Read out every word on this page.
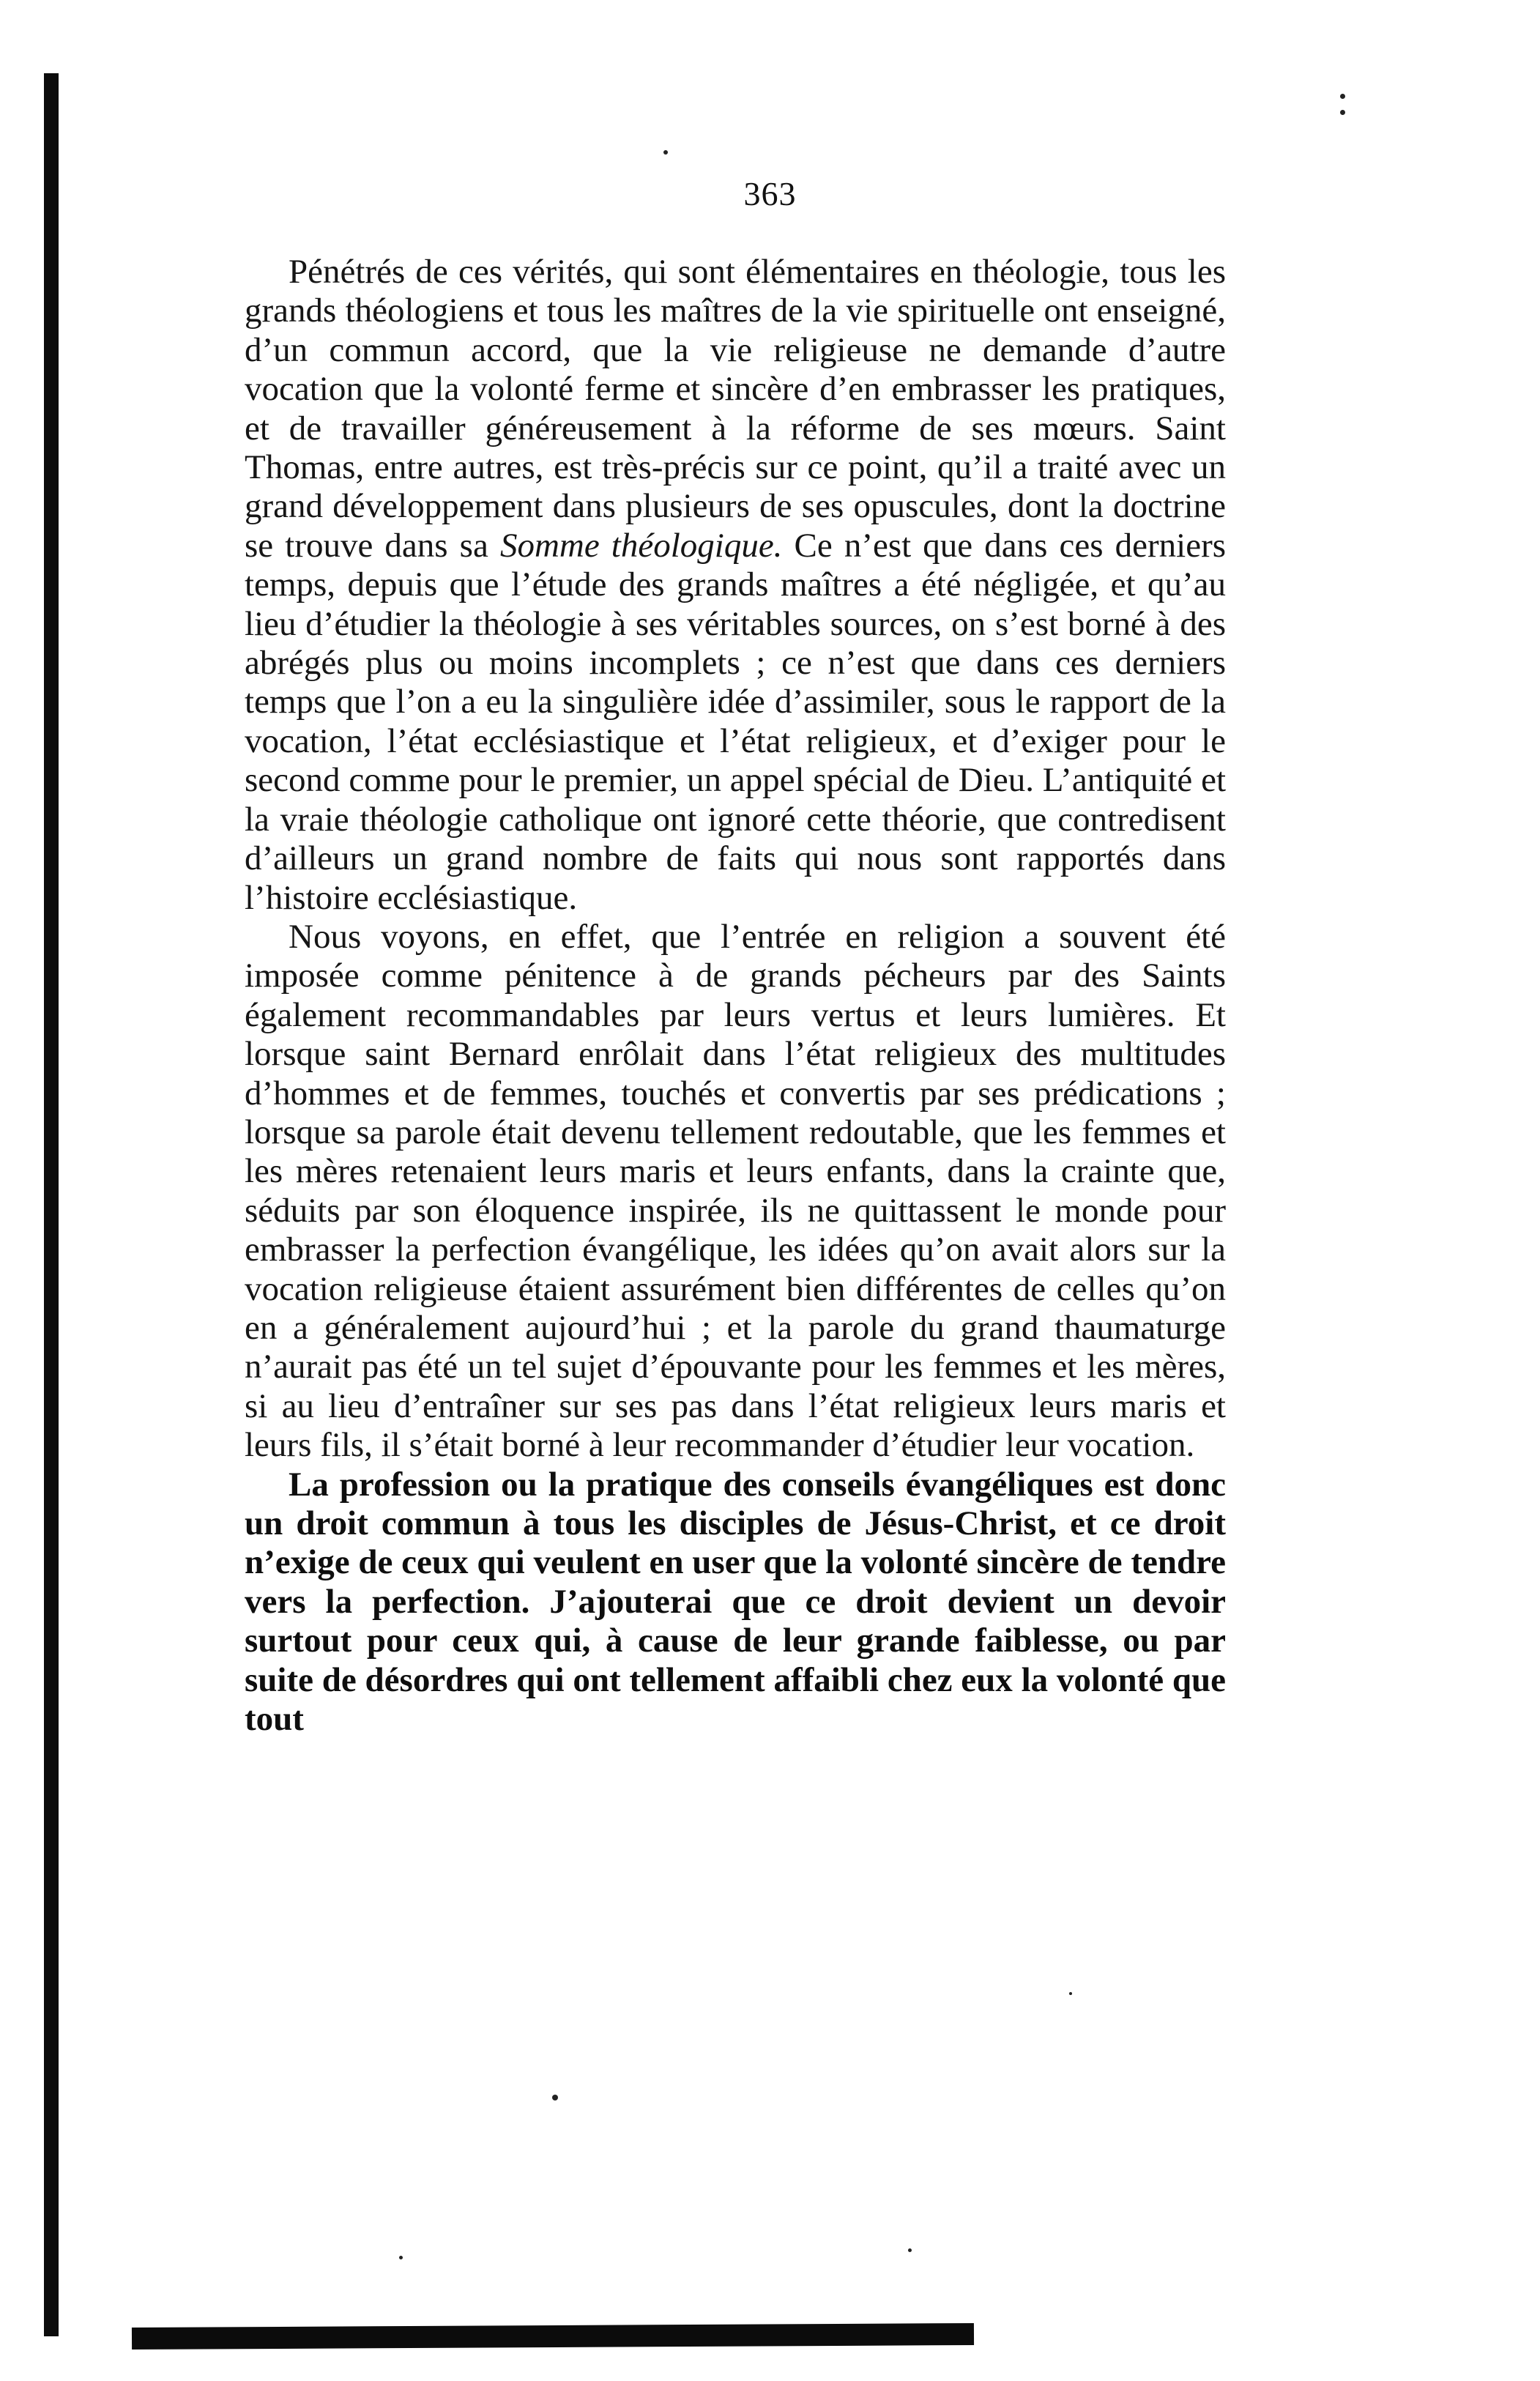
363

Pénétrés de ces vérités, qui sont élémentaires en théologie, tous les grands théologiens et tous les maîtres de la vie spirituelle ont enseigné, d’un commun accord, que la vie religieuse ne demande d’autre vocation que la volonté ferme et sincère d’en embrasser les pratiques, et de travailler généreusement à la réforme de ses mœurs. Saint Thomas, entre autres, est très-précis sur ce point, qu’il a traité avec un grand développement dans plusieurs de ses opuscules, dont la doctrine se trouve dans sa Somme théologique. Ce n’est que dans ces derniers temps, depuis que l’étude des grands maîtres a été négligée, et qu’au lieu d’étudier la théologie à ses véritables sources, on s’est borné à des abrégés plus ou moins incomplets ; ce n’est que dans ces derniers temps que l’on a eu la singulière idée d’assimiler, sous le rapport de la vocation, l’état ecclésiastique et l’état religieux, et d’exiger pour le second comme pour le premier, un appel spécial de Dieu. L’antiquité et la vraie théologie catholique ont ignoré cette théorie, que contredisent d’ailleurs un grand nombre de faits qui nous sont rapportés dans l’histoire ecclésiastique.

Nous voyons, en effet, que l’entrée en religion a souvent été imposée comme pénitence à de grands pécheurs par des Saints également recommandables par leurs vertus et leurs lumières. Et lorsque saint Bernard enrôlait dans l’état religieux des multitudes d’hommes et de femmes, touchés et convertis par ses prédications ; lorsque sa parole était devenu tellement redoutable, que les femmes et les mères retenaient leurs maris et leurs enfants, dans la crainte que, séduits par son éloquence inspirée, ils ne quittassent le monde pour embrasser la perfection évangélique, les idées qu’on avait alors sur la vocation religieuse étaient assurément bien différentes de celles qu’on en a généralement aujourd’hui ; et la parole du grand thaumaturge n’aurait pas été un tel sujet d’épouvante pour les femmes et les mères, si au lieu d’entraîner sur ses pas dans l’état religieux leurs maris et leurs fils, il s’était borné à leur recommander d’étudier leur vocation.

La profession ou la pratique des conseils évangéliques est donc un droit commun à tous les disciples de Jésus-Christ, et ce droit n’exige de ceux qui veulent en user que la volonté sincère de tendre vers la perfection. J’ajouterai que ce droit devient un devoir surtout pour ceux qui, à cause de leur grande faiblesse, ou par suite de désordres qui ont tellement affaibli chez eux la volonté que tout
